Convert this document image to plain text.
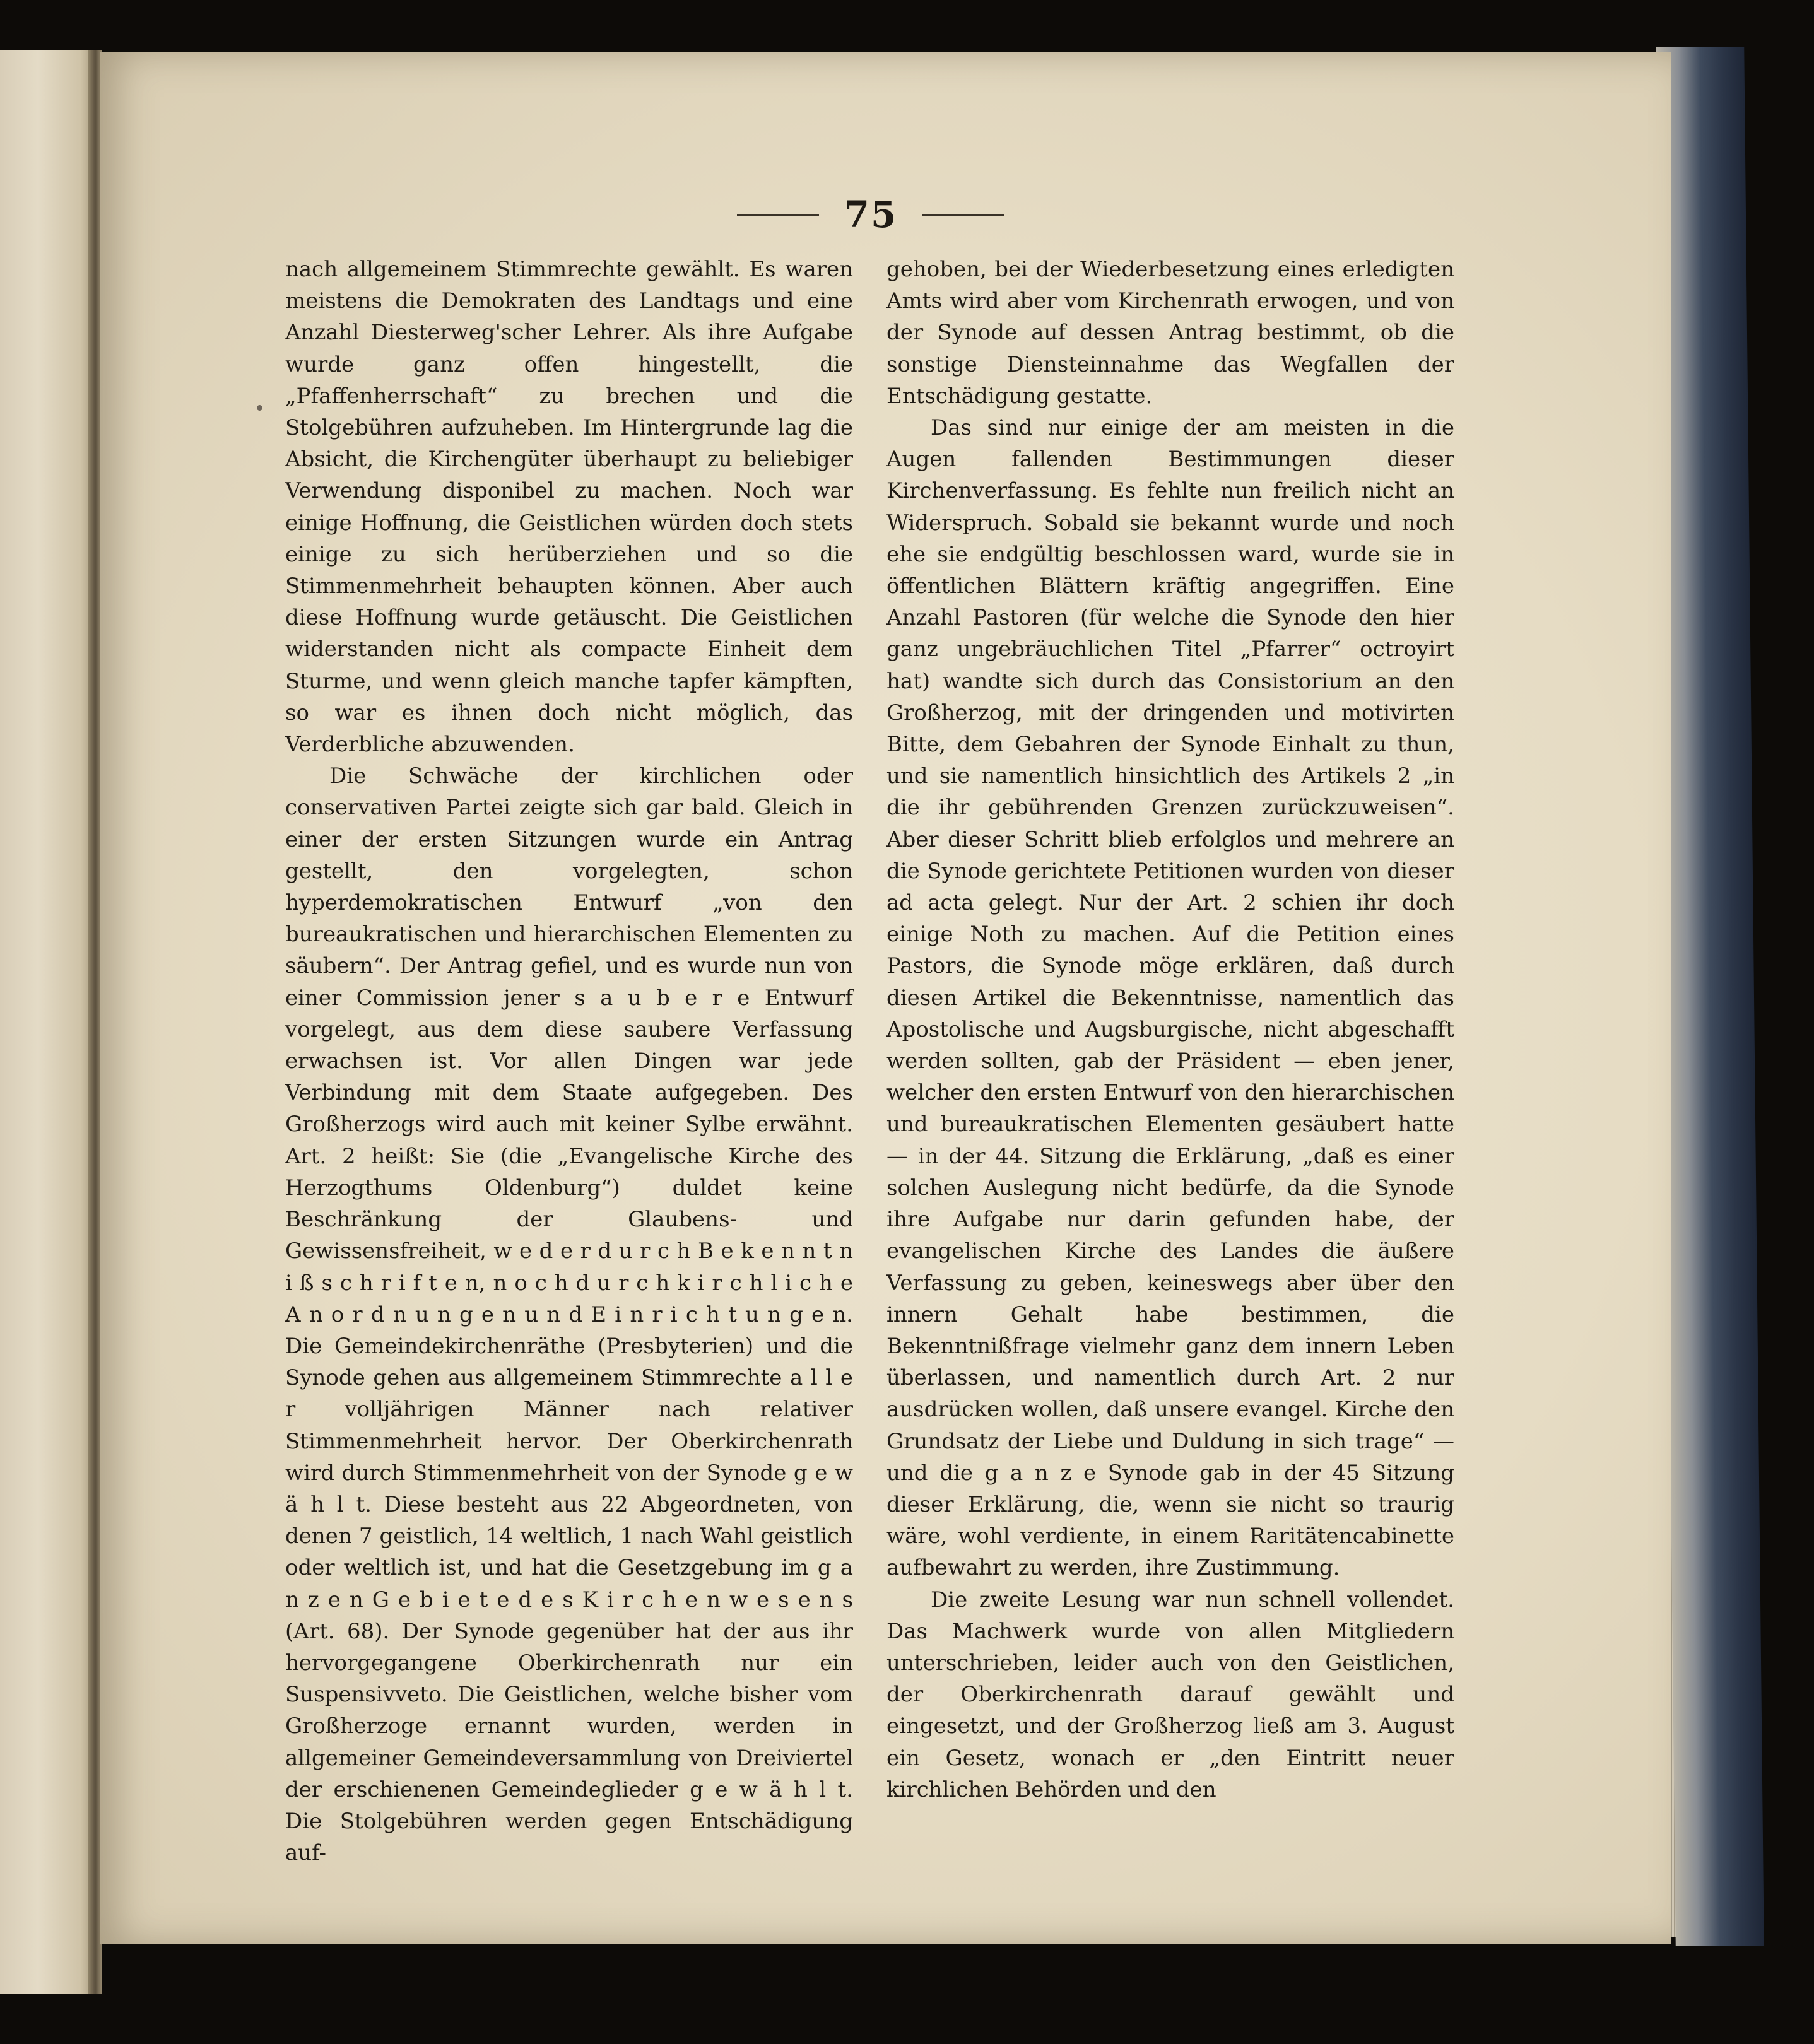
75

nach allgemeinem Stimmrechte gewählt. Es waren meistens die Demokraten des Landtags und eine Anzahl Diesterweg'scher Lehrer. Als ihre Aufgabe wurde ganz offen hingestellt, die „Pfaffenherrschaft“ zu brechen und die Stolgebühren aufzuheben. Im Hintergrunde lag die Absicht, die Kirchengüter überhaupt zu beliebiger Verwendung disponibel zu machen. Noch war einige Hoffnung, die Geistlichen würden doch stets einige zu sich herüberziehen und so die Stimmenmehrheit behaupten können. Aber auch diese Hoffnung wurde getäuscht. Die Geistlichen widerstanden nicht als compacte Einheit dem Sturme, und wenn gleich manche tapfer kämpften, so war es ihnen doch nicht möglich, das Verderbliche abzuwenden.

Die Schwäche der kirchlichen oder conservativen Partei zeigte sich gar bald. Gleich in einer der ersten Sitzungen wurde ein Antrag gestellt, den vorgelegten, schon hyperdemokratischen Entwurf „von den bureaukratischen und hierarchischen Elementen zu säubern“. Der Antrag gefiel, und es wurde nun von einer Commission jener s a u b e r e Entwurf vorgelegt, aus dem diese saubere Verfassung erwachsen ist. Vor allen Dingen war jede Verbindung mit dem Staate aufgegeben. Des Großherzogs wird auch mit keiner Sylbe erwähnt. Art. 2 heißt: Sie (die „Evangelische Kirche des Herzogthums Oldenburg“) duldet keine Beschränkung der Glaubens- und Gewissensfreiheit, w e d e r d u r c h B e k e n n t n i ß s c h r i f t e n, n o c h d u r c h k i r c h l i c h e A n o r d n u n g e n u n d E i n r i c h t u n g e n. Die Gemeindekirchenräthe (Presbyterien) und die Synode gehen aus allgemeinem Stimmrechte a l l e r volljährigen Männer nach relativer Stimmenmehrheit hervor. Der Oberkirchenrath wird durch Stimmenmehrheit von der Synode g e w ä h l t. Diese besteht aus 22 Abgeordneten, von denen 7 geistlich, 14 weltlich, 1 nach Wahl geistlich oder weltlich ist, und hat die Gesetzgebung im g a n z e n G e b i e t e d e s K i r c h e n w e s e n s (Art. 68). Der Synode gegenüber hat der aus ihr hervorgegangene Oberkirchenrath nur ein Suspensivveto. Die Geistlichen, welche bisher vom Großherzoge ernannt wurden, werden in allgemeiner Gemeindeversammlung von Dreiviertel der erschienenen Gemeindeglieder g e w ä h l t. Die Stolgebühren werden gegen Entschädigung auf-

gehoben, bei der Wiederbesetzung eines erledigten Amts wird aber vom Kirchenrath erwogen, und von der Synode auf dessen Antrag bestimmt, ob die sonstige Diensteinnahme das Wegfallen der Entschädigung gestatte.

Das sind nur einige der am meisten in die Augen fallenden Bestimmungen dieser Kirchenverfassung. Es fehlte nun freilich nicht an Widerspruch. Sobald sie bekannt wurde und noch ehe sie endgültig beschlossen ward, wurde sie in öffentlichen Blättern kräftig angegriffen. Eine Anzahl Pastoren (für welche die Synode den hier ganz ungebräuchlichen Titel „Pfarrer“ octroyirt hat) wandte sich durch das Consistorium an den Großherzog, mit der dringenden und motivirten Bitte, dem Gebahren der Synode Einhalt zu thun, und sie namentlich hinsichtlich des Artikels 2 „in die ihr gebührenden Grenzen zurückzuweisen“. Aber dieser Schritt blieb erfolglos und mehrere an die Synode gerichtete Petitionen wurden von dieser ad acta gelegt. Nur der Art. 2 schien ihr doch einige Noth zu machen. Auf die Petition eines Pastors, die Synode möge erklären, daß durch diesen Artikel die Bekenntnisse, namentlich das Apostolische und Augsburgische, nicht abgeschafft werden sollten, gab der Präsident — eben jener, welcher den ersten Entwurf von den hierarchischen und bureaukratischen Elementen gesäubert hatte — in der 44. Sitzung die Erklärung, „daß es einer solchen Auslegung nicht bedürfe, da die Synode ihre Aufgabe nur darin gefunden habe, der evangelischen Kirche des Landes die äußere Verfassung zu geben, keineswegs aber über den innern Gehalt habe bestimmen, die Bekenntnißfrage vielmehr ganz dem innern Leben überlassen, und namentlich durch Art. 2 nur ausdrücken wollen, daß unsere evangel. Kirche den Grundsatz der Liebe und Duldung in sich trage“ — und die g a n z e Synode gab in der 45 Sitzung dieser Erklärung, die, wenn sie nicht so traurig wäre, wohl verdiente, in einem Raritätencabinette aufbewahrt zu werden, ihre Zustimmung.

Die zweite Lesung war nun schnell vollendet. Das Machwerk wurde von allen Mitgliedern unterschrieben, leider auch von den Geistlichen, der Oberkirchenrath darauf gewählt und eingesetzt, und der Großherzog ließ am 3. August ein Gesetz, wonach er „den Eintritt neuer kirchlichen Behörden und den
